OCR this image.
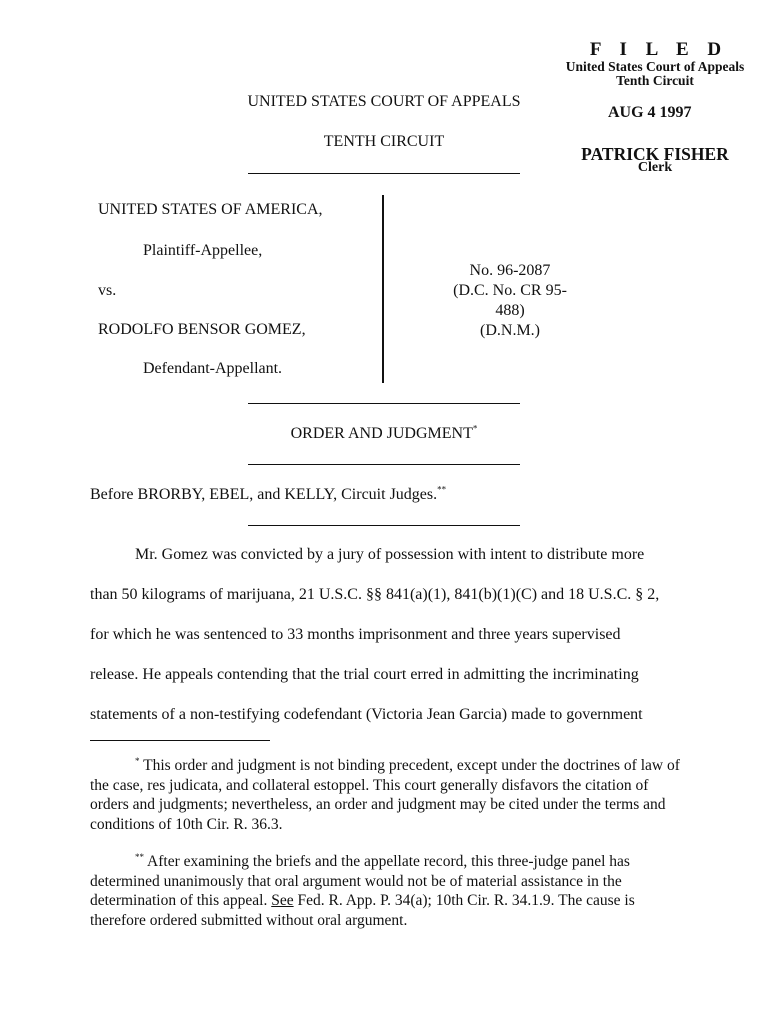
F I L E D
United States Court of Appeals
Tenth Circuit
AUG 4 1997
PATRICK FISHER
Clerk
UNITED STATES COURT OF APPEALS
TENTH CIRCUIT
UNITED STATES OF AMERICA,
Plaintiff-Appellee,
vs.
RODOLFO BENSOR GOMEZ,
Defendant-Appellant.
No. 96-2087
(D.C. No. CR 95-488)
(D.N.M.)
ORDER AND JUDGMENT*
Before BRORBY, EBEL, and KELLY, Circuit Judges.**
Mr. Gomez was convicted by a jury of possession with intent to distribute more
than 50 kilograms of marijuana, 21 U.S.C. §§ 841(a)(1), 841(b)(1)(C) and 18 U.S.C. § 2,
for which he was sentenced to 33 months imprisonment and three years supervised
release. He appeals contending that the trial court erred in admitting the incriminating
statements of a non-testifying codefendant (Victoria Jean Garcia) made to government
* This order and judgment is not binding precedent, except under the doctrines of law of the case, res judicata, and collateral estoppel. This court generally disfavors the citation of orders and judgments; nevertheless, an order and judgment may be cited under the terms and conditions of 10th Cir. R. 36.3.
** After examining the briefs and the appellate record, this three-judge panel has determined unanimously that oral argument would not be of material assistance in the determination of this appeal. See Fed. R. App. P. 34(a); 10th Cir. R. 34.1.9. The cause is therefore ordered submitted without oral argument.
